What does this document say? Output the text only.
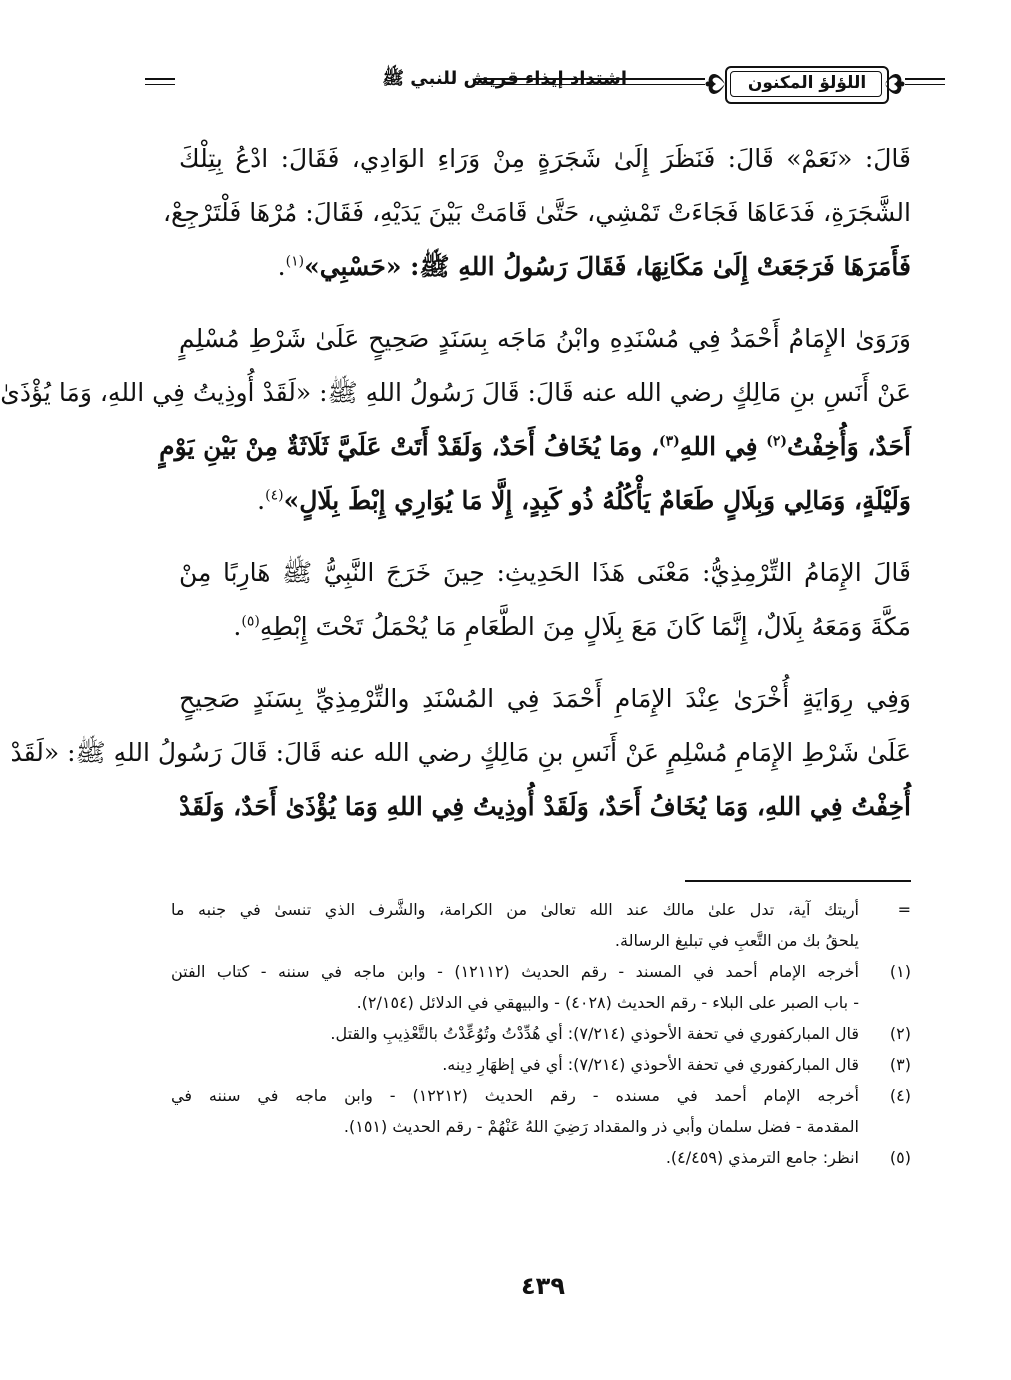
اشتداد إيذاء قريش للنبي ﷺ	اللؤلؤ المكنون
قَالَ: «نَعَمْ» قَالَ: فَنَظَرَ إِلَىٰ شَجَرَةٍ مِنْ وَرَاءِ الوَادِي، فَقَالَ: ادْعُ بِتِلْكَ
الشَّجَرَةِ، فَدَعَاهَا فَجَاءَتْ تَمْشِي، حَتَّىٰ قَامَتْ بَيْنَ يَدَيْهِ، فَقَالَ: مُرْهَا فَلْتَرْجِعْ،
فَأَمَرَهَا فَرَجَعَتْ إِلَىٰ مَكَانِهَا، فَقَالَ رَسُولُ اللهِ ﷺ: «حَسْبِي»$^{(١)}$.
وَرَوَىٰ الإِمَامُ أَحْمَدُ فِي مُسْنَدِهِ وابْنُ مَاجَه بِسَنَدٍ صَحِيحٍ عَلَىٰ شَرْطِ مُسْلِمٍ
عَنْ أَنَسِ بنِ مَالِكٍ رضي الله عنه قَالَ: قَالَ رَسُولُ اللهِ ﷺ: «لَقَدْ أُوذِيتُ فِي اللهِ، وَمَا يُؤْذَىٰ
أَحَدٌ، وَأُخِفْتُ$^{(٢)}$ فِي اللهِ$^{(٣)}$، ومَا يُخَافُ أَحَدٌ، وَلَقَدْ أَتَتْ عَلَيَّ ثَلَاثَةٌ مِنْ بَيْنِ يَوْمٍ
وَلَيْلَةٍ، وَمَالِي وَبِلَالٍ طَعَامٌ يَأْكُلُهُ ذُو كَبِدٍ، إِلَّا مَا يُوَارِي إِبْطَ بِلَالٍ»$^{(٤)}$.
قَالَ الإِمَامُ التِّرْمِذِيُّ: مَعْنَى هَذَا الحَدِيثِ: حِينَ خَرَجَ النَّبِيُّ ﷺ هَارِبًا مِنْ
مَكَّةَ وَمَعَهُ بِلَالٌ، إِنَّمَا كَانَ مَعَ بِلَالٍ مِنَ الطَّعَامِ مَا يُحْمَلُ تَحْتَ إِبْطِهِ$^{(٥)}$.
وَفِي رِوَايَةٍ أُخْرَىٰ عِنْدَ الإِمَامِ أَحْمَدَ فِي المُسْنَدِ والتِّرْمِذِيِّ بِسَنَدٍ صَحِيحٍ
عَلَىٰ شَرْطِ الإِمَامِ مُسْلِمٍ عَنْ أَنَسِ بنِ مَالِكٍ رضي الله عنه قَالَ: قَالَ رَسُولُ اللهِ ﷺ: «لَقَدْ
أُخِفْتُ فِي اللهِ، وَمَا يُخَافُ أَحَدٌ، وَلَقَدْ أُوذِيتُ فِي اللهِ وَمَا يُؤْذَىٰ أَحَدٌ، وَلَقَدْ
=
أريتك آية، تدل علىٰ مالك عند الله تعالىٰ من الكرامة، والشَّرف الذي تنسىٰ في جنبه ما
يلحقُ بك من التَّعبِ في تبليغ الرسالة.
(١)
أخرجه الإمام أحمد في المسند - رقم الحديث (١٢١١٢) - وابن ماجه في سننه - كتاب الفتن
- باب الصبر على البلاء - رقم الحديث (٤٠٢٨) - والبيهقي في الدلائل (٢/١٥٤).
(٢)
قال المباركفوري في تحفة الأحوذي (٧/٢١٤): أي هُدِّدْتُ وتُوُعِّدْتُ بالتَّعْذِيبِ والقتل.
(٣)
قال المباركفوري في تحفة الأحوذي (٧/٢١٤): أي في إظهَارِ دِينه.
(٤)
أخرجه الإمام أحمد في مسنده - رقم الحديث (١٢٢١٢) - وابن ماجه في سننه في
المقدمة - فضل سلمان وأبي ذر والمقداد رَضِيَ اللهُ عَنْهُمْ - رقم الحديث (١٥١).
(٥)
انظر: جامع الترمذي (٤/٤٥٩).
٤٣٩
